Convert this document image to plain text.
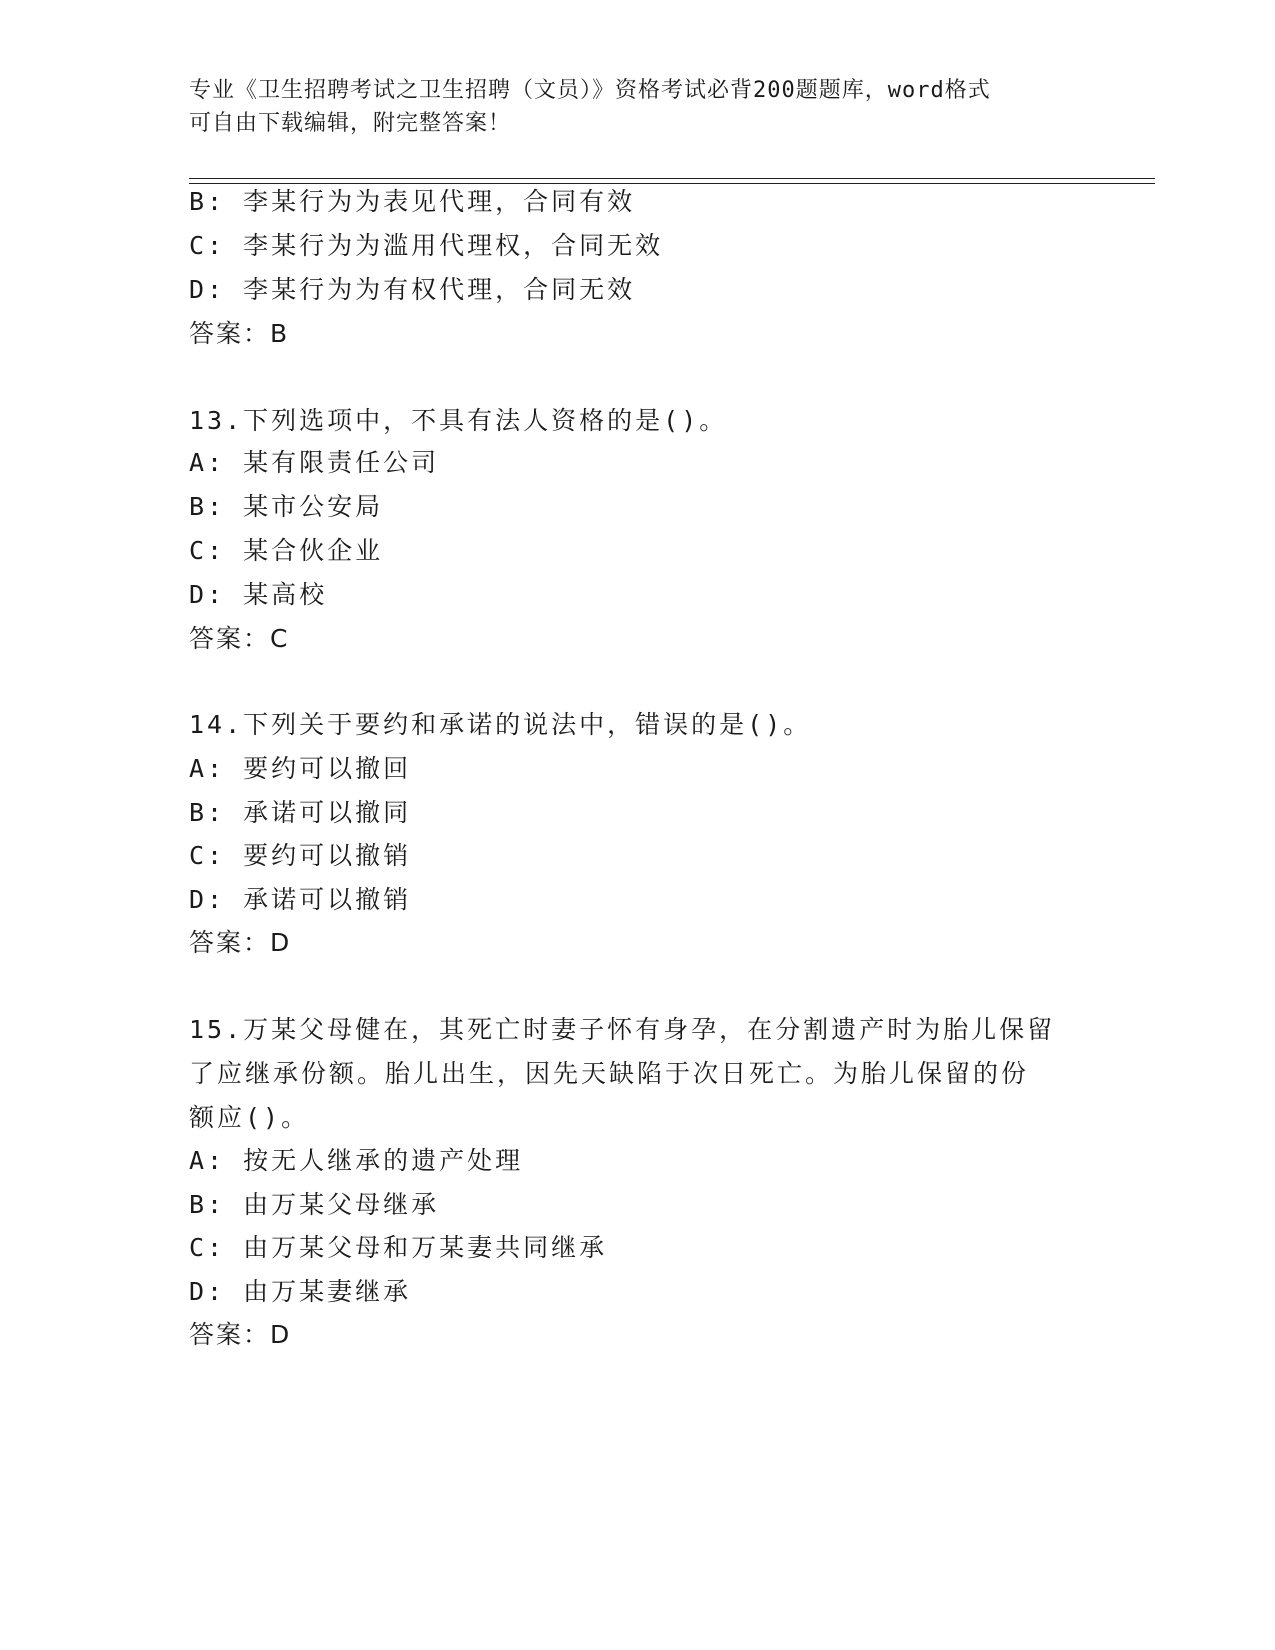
专业《卫生招聘考试之卫生招聘（文员）》资格考试必背200题题库，word格式
可自由下载编辑，附完整答案！
B: 李某行为为表见代理，合同有效
C: 李某行为为滥用代理权，合同无效
D: 李某行为为有权代理，合同无效
答案：B
13.下列选项中，不具有法人资格的是()。
A: 某有限责任公司
B: 某市公安局
C: 某合伙企业
D: 某高校
答案：C
14.下列关于要约和承诺的说法中，错误的是()。
A: 要约可以撤回
B: 承诺可以撤同
C: 要约可以撤销
D: 承诺可以撤销
答案：D
15.万某父母健在，其死亡时妻子怀有身孕，在分割遗产时为胎儿保留
了应继承份额。胎儿出生，因先天缺陷于次日死亡。为胎儿保留的份
额应()。
A: 按无人继承的遗产处理
B: 由万某父母继承
C: 由万某父母和万某妻共同继承
D: 由万某妻继承
答案：D
